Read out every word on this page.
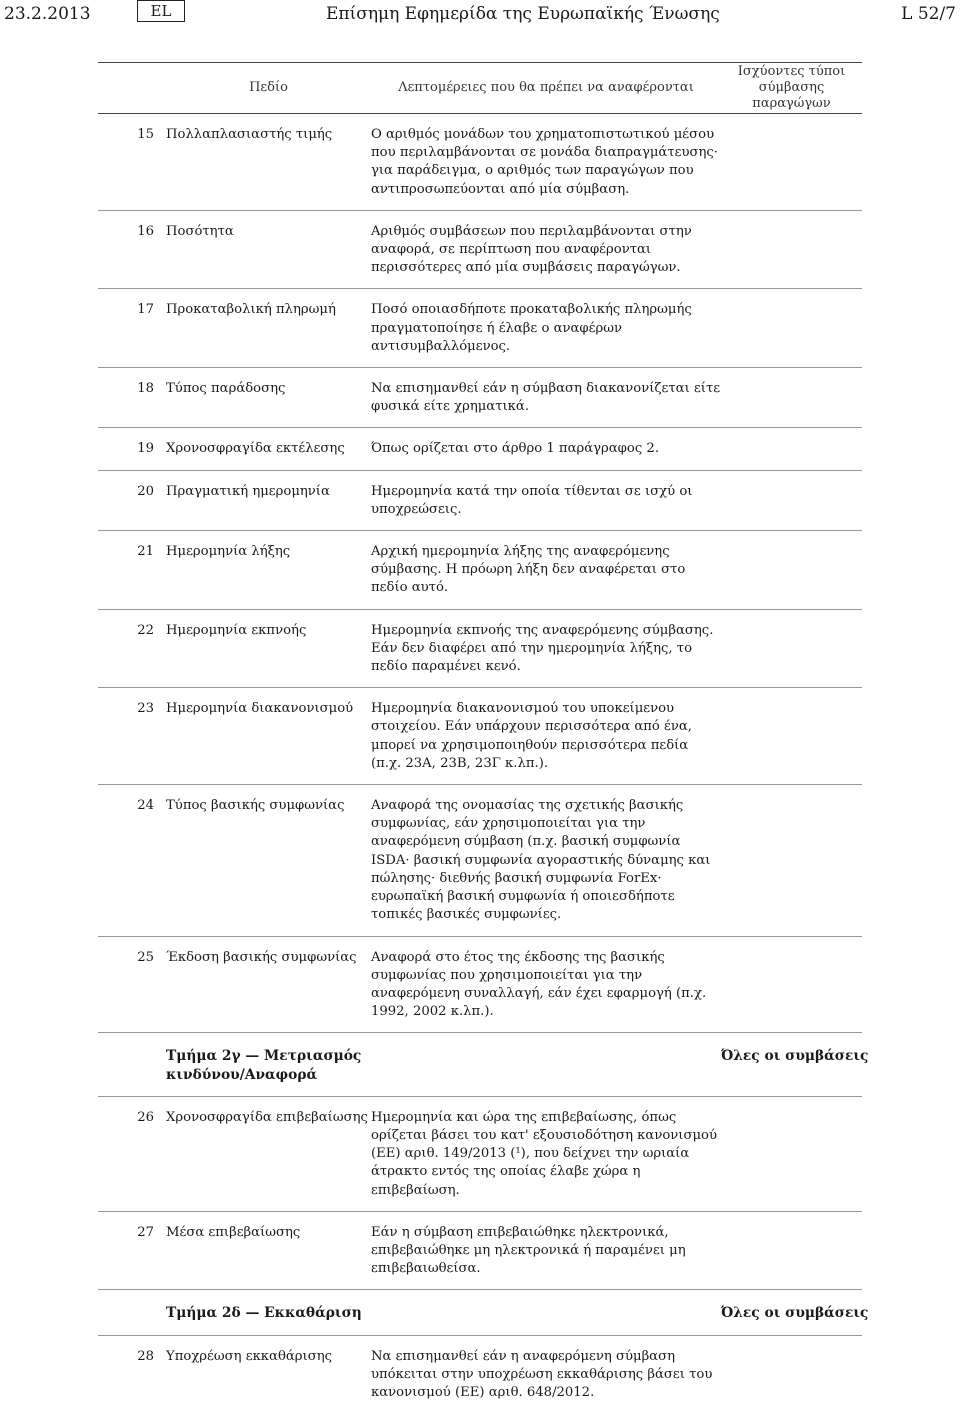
23.2.2013	EL	Επίσημη Εφημερίδα της Ευρωπαϊκής Ένωσης	L 52/7
	Πεδίο	Λεπτομέρειες που θα πρέπει να αναφέρονται	Ισχύοντες τύποι σύμβασης παραγώγων
15	Πολλαπλασιαστής τιμής	Ο αριθμός μονάδων του χρηματοπιστωτικού μέσου που περιλαμβάνονται σε μονάδα διαπραγμάτευσης· για παράδειγμα, ο αριθμός των παραγώγων που αντιπροσωπεύονται από μία σύμβαση.	
16	Ποσότητα	Αριθμός συμβάσεων που περιλαμβάνονται στην αναφορά, σε περίπτωση που αναφέρονται περισσότερες από μία συμβάσεις παραγώγων.	
17	Προκαταβολική πληρωμή	Ποσό οποιασδήποτε προκαταβολικής πληρωμής πραγματοποίησε ή έλαβε ο αναφέρων αντισυμβαλλόμενος.	
18	Τύπος παράδοσης	Να επισημανθεί εάν η σύμβαση διακανονίζεται είτε φυσικά είτε χρηματικά.	
19	Χρονοσφραγίδα εκτέλεσης	Όπως ορίζεται στο άρθρο 1 παράγραφος 2.	
20	Πραγματική ημερομηνία	Ημερομηνία κατά την οποία τίθενται σε ισχύ οι υποχρεώσεις.	
21	Ημερομηνία λήξης	Αρχική ημερομηνία λήξης της αναφερόμενης σύμβασης. Η πρόωρη λήξη δεν αναφέρεται στο πεδίο αυτό.	
22	Ημερομηνία εκπνοής	Ημερομηνία εκπνοής της αναφερόμενης σύμβασης. Εάν δεν διαφέρει από την ημερομηνία λήξης, το πεδίο παραμένει κενό.	
23	Ημερομηνία διακανονισμού	Ημερομηνία διακανονισμού του υποκείμενου στοιχείου. Εάν υπάρχουν περισσότερα από ένα, μπορεί να χρησιμοποιηθούν περισσότερα πεδία (π.χ. 23A, 23B, 23Γ κ.λπ.).	
24	Τύπος βασικής συμφωνίας	Αναφορά της ονομασίας της σχετικής βασικής συμφωνίας, εάν χρησιμοποιείται για την αναφερόμενη σύμβαση (π.χ. βασική συμφωνία ISDA· βασική συμφωνία αγοραστικής δύναμης και πώλησης· διεθνής βασική συμφωνία ForEx· ευρωπαϊκή βασική συμφωνία ή οποιεσδήποτε τοπικές βασικές συμφωνίες.	
25	Έκδοση βασικής συμφωνίας	Αναφορά στο έτος της έκδοσης της βασικής συμφωνίας που χρησιμοποιείται για την αναφερόμενη συναλλαγή, εάν έχει εφαρμογή (π.χ. 1992, 2002 κ.λπ.).	
	Τμήμα 2γ — Μετριασμός κινδύνου/Αναφορά		Όλες οι συμβάσεις
26	Χρονοσφραγίδα επιβεβαίωσης	Ημερομηνία και ώρα της επιβεβαίωσης, όπως ορίζεται βάσει του κατ' εξουσιοδότηση κανονισμού (ΕΕ) αριθ. 149/2013 (¹), που δείχνει την ωριαία άτρακτο εντός της οποίας έλαβε χώρα η επιβεβαίωση.	
27	Μέσα επιβεβαίωσης	Εάν η σύμβαση επιβεβαιώθηκε ηλεκτρονικά, επιβεβαιώθηκε μη ηλεκτρονικά ή παραμένει μη επιβεβαιωθείσα.	
	Τμήμα 2δ — Εκκαθάριση		Όλες οι συμβάσεις
28	Υποχρέωση εκκαθάρισης	Να επισημανθεί εάν η αναφερόμενη σύμβαση υπόκειται στην υποχρέωση εκκαθάρισης βάσει του κανονισμού (ΕΕ) αριθ. 648/2012.	
